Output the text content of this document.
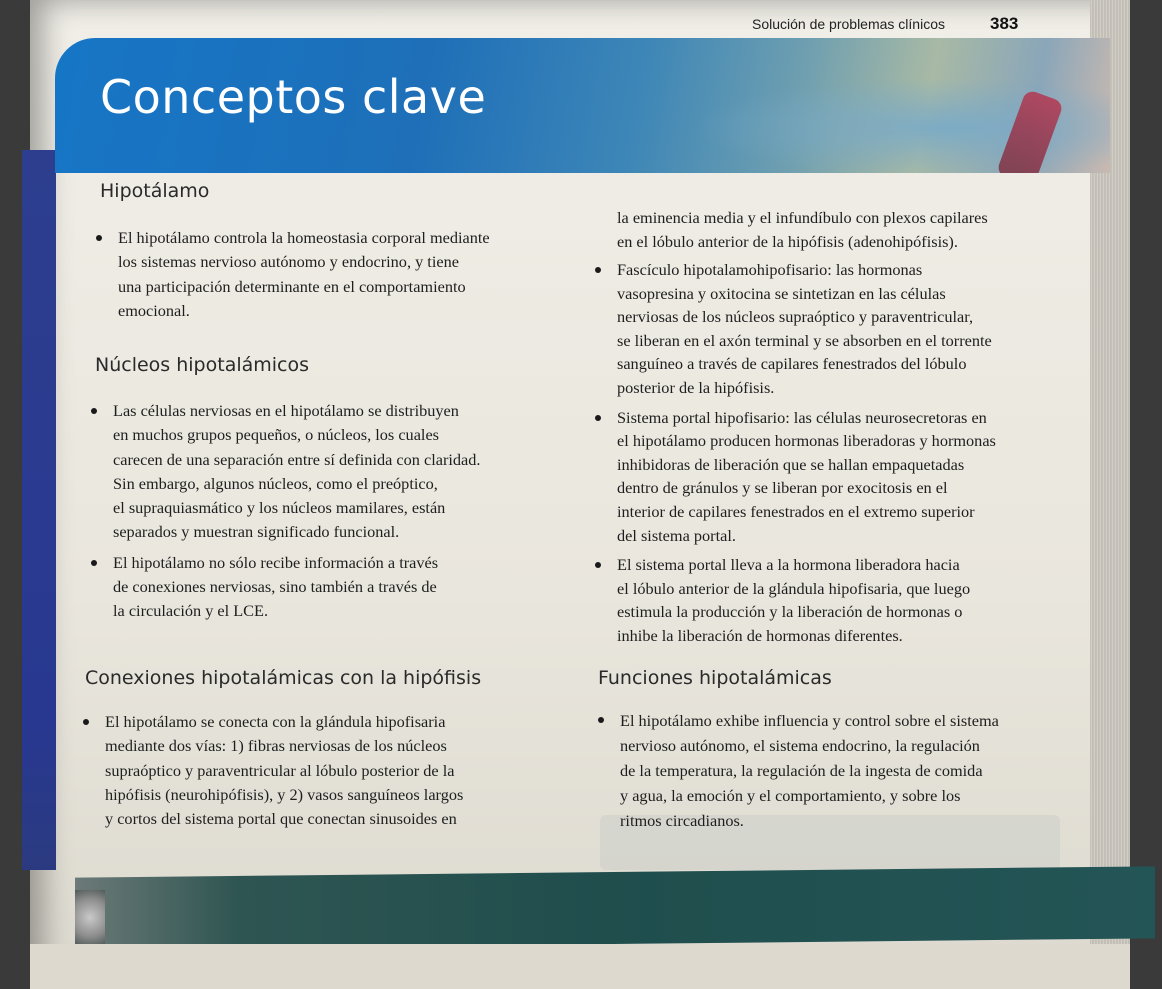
Solución de problemas clínicos	383
Conceptos clave
Hipotálamo
El hipotálamo controla la homeostasia corporal mediante
los sistemas nervioso autónomo y endocrino, y tiene
una participación determinante en el comportamiento
emocional.
Núcleos hipotalámicos
Las células nerviosas en el hipotálamo se distribuyen
en muchos grupos pequeños, o núcleos, los cuales
carecen de una separación entre sí definida con claridad.
Sin embargo, algunos núcleos, como el preóptico,
el supraquiasmático y los núcleos mamilares, están
separados y muestran significado funcional.
El hipotálamo no sólo recibe información a través
de conexiones nerviosas, sino también a través de
la circulación y el LCE.
Conexiones hipotalámicas con la hipófisis
El hipotálamo se conecta con la glándula hipofisaria
mediante dos vías: 1) fibras nerviosas de los núcleos
supraóptico y paraventricular al lóbulo posterior de la
hipófisis (neurohipófisis), y 2) vasos sanguíneos largos
y cortos del sistema portal que conectan sinusoides en
la eminencia media y el infundíbulo con plexos capilares
en el lóbulo anterior de la hipófisis (adenohipófisis).
Fascículo hipotalamohipofisario: las hormonas
vasopresina y oxitocina se sintetizan en las células
nerviosas de los núcleos supraóptico y paraventricular,
se liberan en el axón terminal y se absorben en el torrente
sanguíneo a través de capilares fenestrados del lóbulo
posterior de la hipófisis.
Sistema portal hipofisario: las células neurosecretoras en
el hipotálamo producen hormonas liberadoras y hormonas
inhibidoras de liberación que se hallan empaquetadas
dentro de gránulos y se liberan por exocitosis en el
interior de capilares fenestrados en el extremo superior
del sistema portal.
El sistema portal lleva a la hormona liberadora hacia
el lóbulo anterior de la glándula hipofisaria, que luego
estimula la producción y la liberación de hormonas o
inhibe la liberación de hormonas diferentes.
Funciones hipotalámicas
El hipotálamo exhibe influencia y control sobre el sistema
nervioso autónomo, el sistema endocrino, la regulación
de la temperatura, la regulación de la ingesta de comida
y agua, la emoción y el comportamiento, y sobre los
ritmos circadianos.
